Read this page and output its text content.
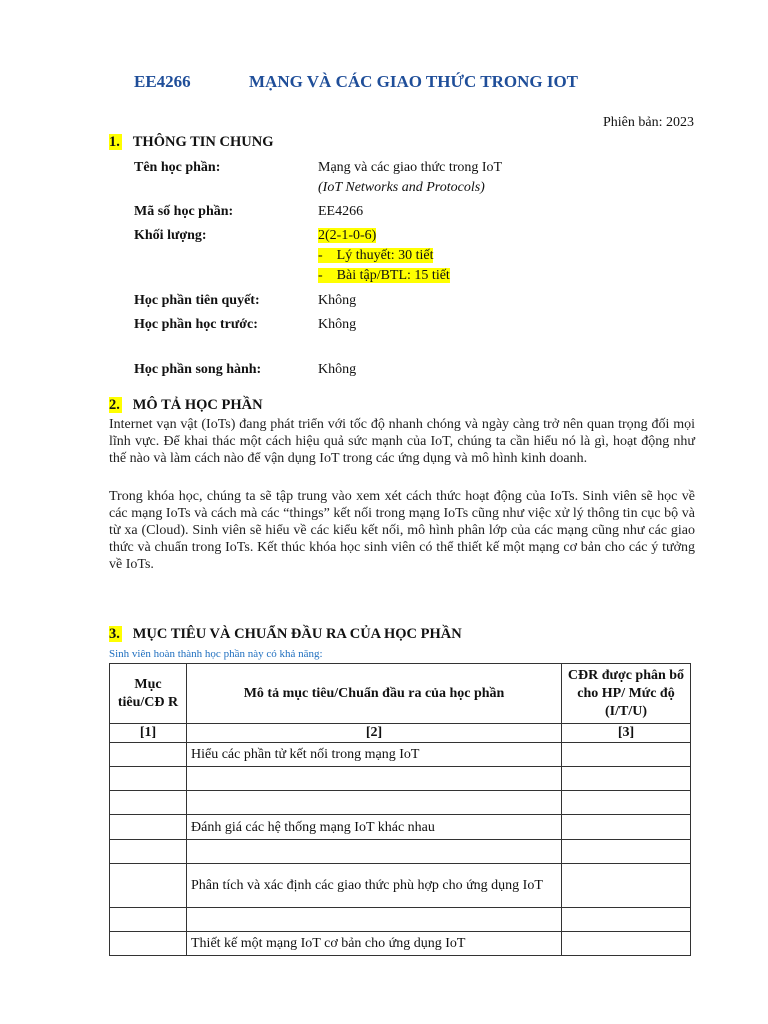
EE4266	MẠNG VÀ CÁC GIAO THỨC TRONG IOT
Phiên bản: 2023
1. THÔNG TIN CHUNG
Tên học phần:	Mạng và các giao thức trong IoT
(IoT Networks and Protocols)
Mã số học phần:	EE4266
Khối lượng:	2(2-1-0-6)
-    Lý thuyết: 30 tiết
-    Bài tập/BTL: 15 tiết
Học phần tiên quyết:	Không
Học phần học trước:	Không
Học phần song hành:	Không
2. MÔ TẢ HỌC PHẦN
Internet vạn vật (IoTs) đang phát triển với tốc độ nhanh chóng và ngày càng trở nên quan trọng đối mọi lĩnh vực. Để khai thác một cách hiệu quả sức mạnh của IoT, chúng ta cần hiểu nó là gì, hoạt động như thế nào và làm cách nào để vận dụng IoT trong các ứng dụng và mô hình kinh doanh.
Trong khóa học, chúng ta sẽ tập trung vào xem xét cách thức hoạt động của IoTs. Sinh viên sẽ học về các mạng IoTs và cách mà các “things” kết nối trong mạng IoTs cũng như việc xử lý thông tin cục bộ và từ xa (Cloud). Sinh viên sẽ hiểu về các kiểu kết nối, mô hình phân lớp của các mạng cũng như các giao thức và chuẩn trong IoTs. Kết thúc khóa học sinh viên có thể thiết kế một mạng cơ bản cho các ý tưởng về IoTs.
3. MỤC TIÊU VÀ CHUẨN ĐẦU RA CỦA HỌC PHẦN
Sinh viên hoàn thành học phần này có khả năng:
Mục tiêu/CĐ R	Mô tả mục tiêu/Chuẩn đầu ra của học phần	CĐR được phân bổ cho HP/ Mức độ (I/T/U)
[1]	[2]	[3]
	Hiểu các phần tử kết nối trong mạng IoT	

	Đánh giá các hệ thống mạng IoT khác nhau	

	Phân tích và xác định các giao thức phù hợp cho ứng dụng IoT	

	Thiết kế một mạng IoT cơ bản cho ứng dụng IoT	
